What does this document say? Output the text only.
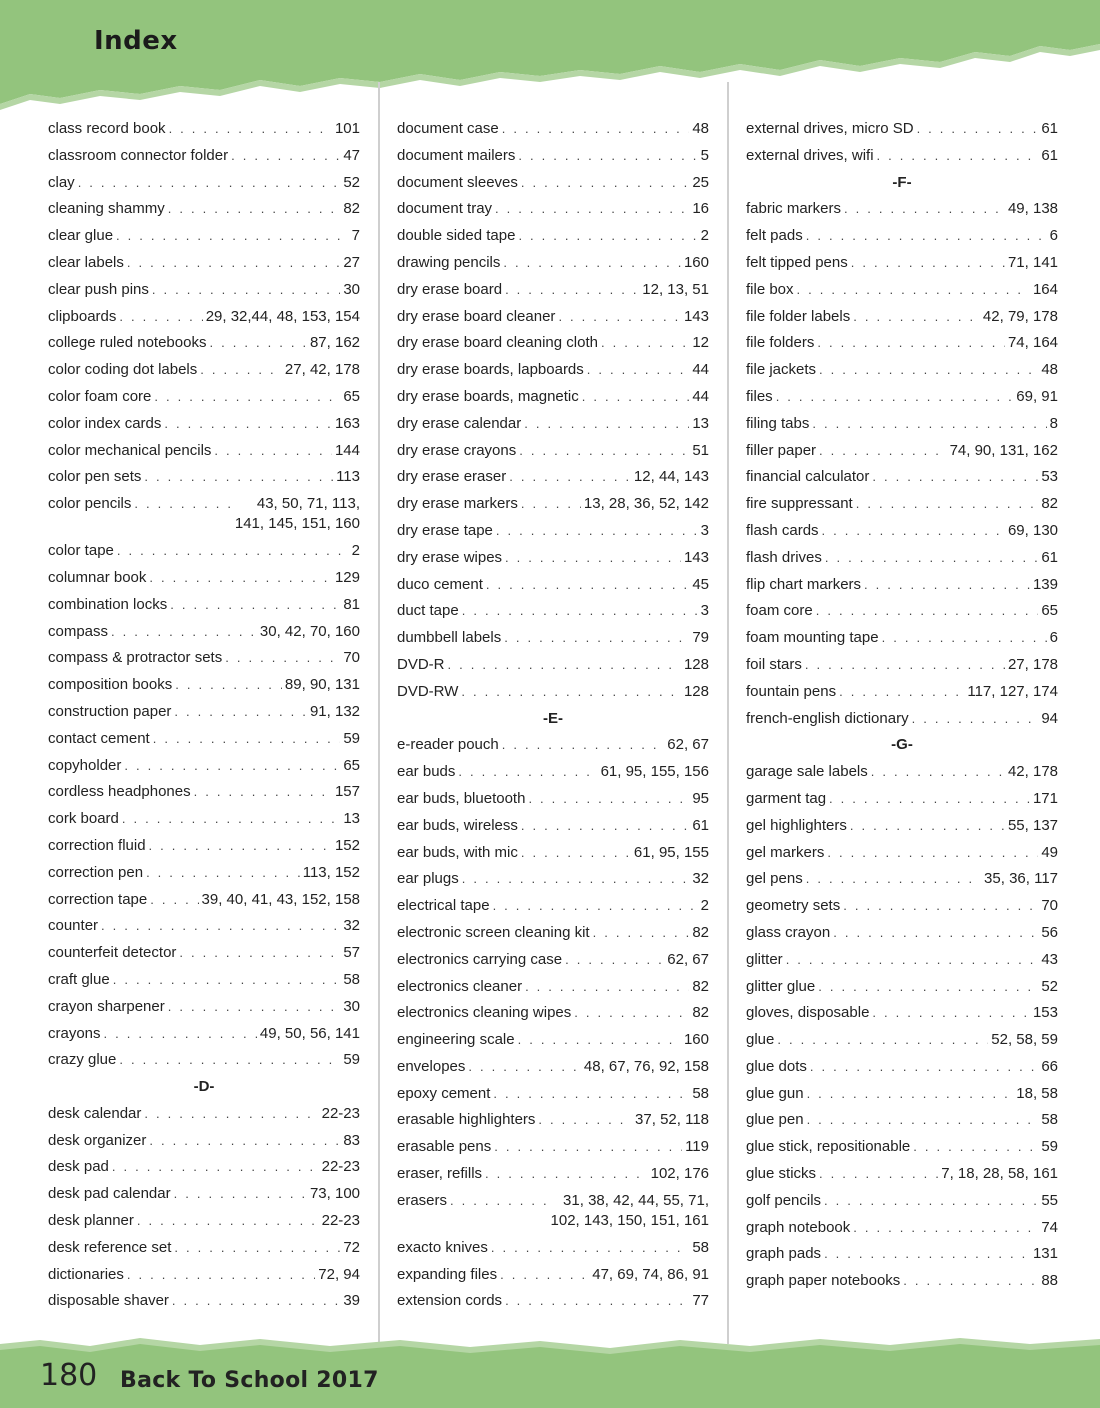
Index
class record book . . .	101
classroom connector folder . . .	47
clay . . .	52
cleaning shammy . . .	82
clear glue . . .	7
clear labels . . .	27
clear push pins . . .	30
clipboards . . .	29, 32,44, 48, 153, 154
college ruled notebooks . . .	87, 162
color coding dot labels . . .	27, 42, 178
color foam core . . .	65
color index cards . . .	163
color mechanical pencils . . .	144
color pen sets . . .	113
color pencils . . .	43, 50, 71, 113,
141, 145, 151, 160
color tape . . .	2
columnar book . . .	129
combination locks . . .	81
compass . . .	30, 42, 70, 160
compass & protractor sets . . .	70
composition books . . .	89, 90, 131
construction paper . . .	91, 132
contact cement . . .	59
copyholder . . .	65
cordless headphones . . .	157
cork board . . .	13
correction fluid . . .	152
correction pen . . .	113, 152
correction tape . . .	39, 40, 41, 43, 152, 158
counter . . .	32
counterfeit detector . . .	57
craft glue . . .	58
crayon sharpener . . .	30
crayons . . .	49, 50, 56, 141
crazy glue . . .	59
-D-
desk calendar . . .	22-23
desk organizer . . .	83
desk pad . . .	22-23
desk pad calendar . . .	73, 100
desk planner . . .	22-23
desk reference set . . .	72
dictionaries . . .	72, 94
disposable shaver . . .	39
document case . . .	48
document mailers . . .	5
document sleeves . . .	25
document tray . . .	16
double sided tape . . .	2
drawing pencils . . .	160
dry erase board . . .	12, 13, 51
dry erase board cleaner . . .	143
dry erase board cleaning cloth . . .	12
dry erase boards, lapboards . . .	44
dry erase boards, magnetic . . .	44
dry erase calendar . . .	13
dry erase crayons . . .	51
dry erase eraser . . .	12, 44, 143
dry erase markers . . .	13, 28, 36, 52, 142
dry erase tape . . .	3
dry erase wipes . . .	143
duco cement . . .	45
duct tape . . .	3
dumbbell labels . . .	79
DVD-R . . .	128
DVD-RW . . .	128
-E-
e-reader pouch . . .	62, 67
ear buds . . .	61, 95, 155, 156
ear buds, bluetooth . . .	95
ear buds, wireless . . .	61
ear buds, with mic . . .	61, 95, 155
ear plugs . . .	32
electrical tape . . .	2
electronic screen cleaning kit . . .	82
electronics carrying case . . .	62, 67
electronics cleaner . . .	82
electronics cleaning wipes . . .	82
engineering scale . . .	160
envelopes . . .	48, 67, 76, 92, 158
epoxy cement . . .	58
erasable highlighters . . .	37, 52, 118
erasable pens . . .	119
eraser, refills . . .	102, 176
erasers . . .	31, 38, 42, 44, 55, 71,
102, 143, 150, 151, 161
exacto knives . . .	58
expanding files . . .	47, 69, 74, 86, 91
extension cords . . .	77
external drives, micro SD . . .	61
external drives, wifi . . .	61
-F-
fabric markers . . .	49, 138
felt pads . . .	6
felt tipped pens . . .	71, 141
file box . . .	164
file folder labels . . .	42, 79, 178
file folders . . .	74, 164
file jackets . . .	48
files . . .	69, 91
filing tabs . . .	8
filler paper . . .	74, 90, 131, 162
financial calculator . . .	53
fire suppressant . . .	82
flash cards . . .	69, 130
flash drives . . .	61
flip chart markers . . .	139
foam core . . .	65
foam mounting tape . . .	6
foil stars . . .	27, 178
fountain pens . . .	117, 127, 174
french-english dictionary . . .	94
-G-
garage sale labels . . .	42, 178
garment tag . . .	171
gel highlighters . . .	55, 137
gel markers . . .	49
gel pens . . .	35, 36, 117
geometry sets . . .	70
glass crayon . . .	56
glitter . . .	43
glitter glue . . .	52
gloves, disposable . . .	153
glue . . .	52, 58, 59
glue dots . . .	66
glue gun . . .	18, 58
glue pen . . .	58
glue stick, repositionable . . .	59
glue sticks . . .	7, 18, 28, 58, 161
golf pencils . . .	55
graph notebook . . .	74
graph pads . . .	131
graph paper notebooks . . .	88
180 Back To School 2017
